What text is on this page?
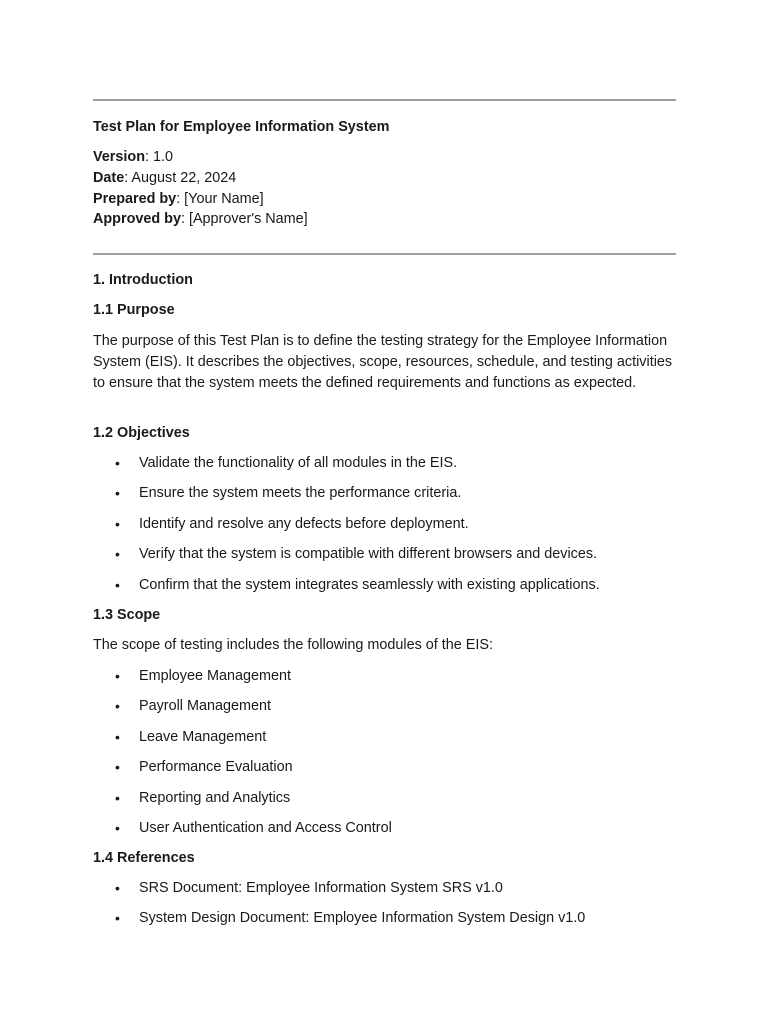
Test Plan for Employee Information System

Version: 1.0
Date: August 22, 2024
Prepared by: [Your Name]
Approved by: [Approver's Name]

1. Introduction

1.1 Purpose

The purpose of this Test Plan is to define the testing strategy for the Employee Information System (EIS). It describes the objectives, scope, resources, schedule, and testing activities to ensure that the system meets the defined requirements and functions as expected.

1.2 Objectives

• Validate the functionality of all modules in the EIS.
• Ensure the system meets the performance criteria.
• Identify and resolve any defects before deployment.
• Verify that the system is compatible with different browsers and devices.
• Confirm that the system integrates seamlessly with existing applications.

1.3 Scope

The scope of testing includes the following modules of the EIS:

• Employee Management
• Payroll Management
• Leave Management
• Performance Evaluation
• Reporting and Analytics
• User Authentication and Access Control

1.4 References

• SRS Document: Employee Information System SRS v1.0
• System Design Document: Employee Information System Design v1.0
